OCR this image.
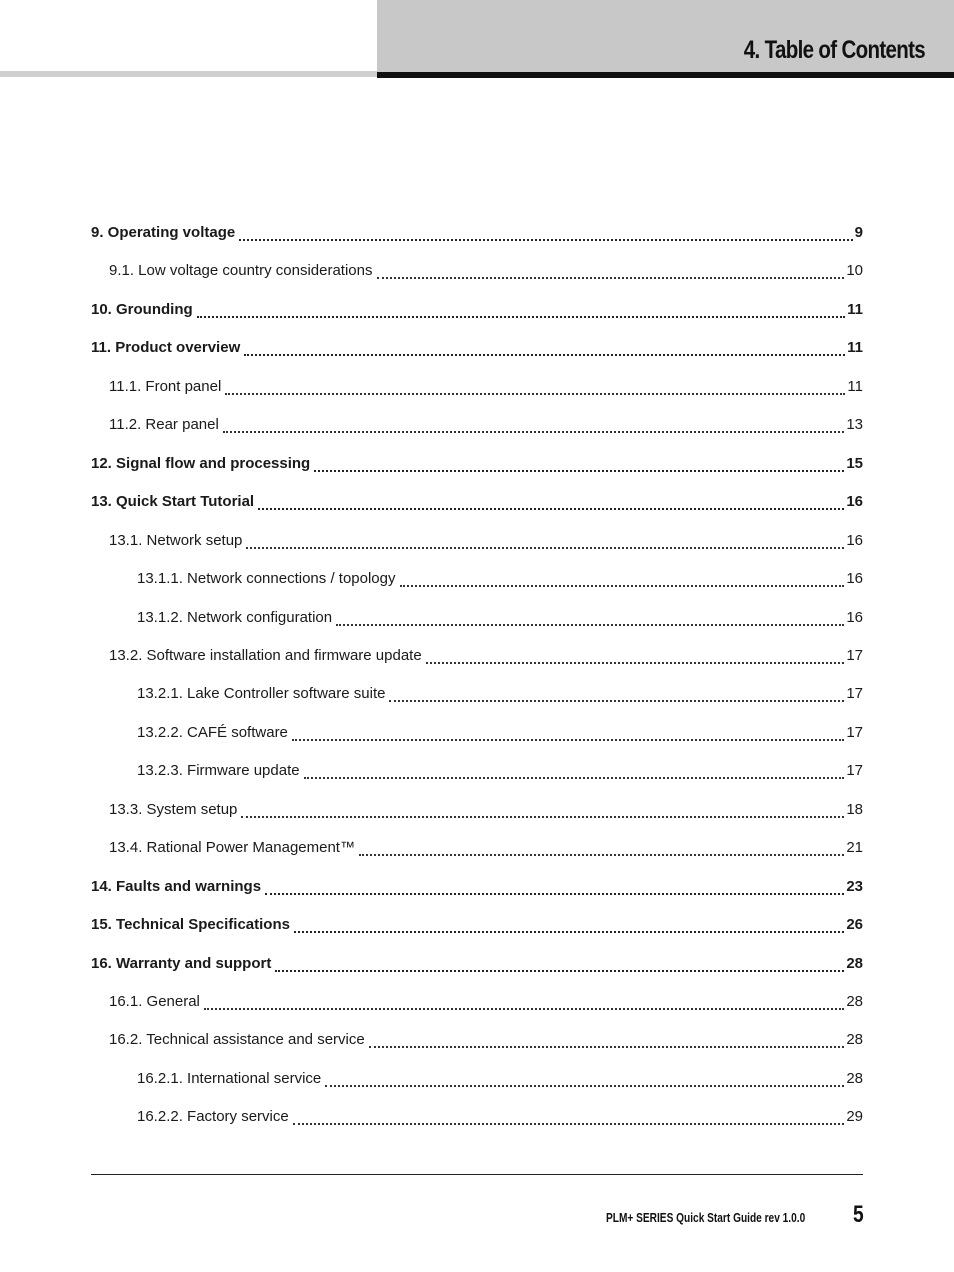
4. Table of Contents
9. Operating voltage	9
9.1. Low voltage country considerations	10
10. Grounding	11
11. Product overview	11
11.1. Front panel	11
11.2. Rear panel	13
12. Signal flow and processing	15
13. Quick Start Tutorial	16
13.1. Network setup	16
13.1.1. Network connections / topology	16
13.1.2. Network configuration	16
13.2. Software installation and firmware update	17
13.2.1. Lake Controller software suite	17
13.2.2. CAFÉ software	17
13.2.3. Firmware update	17
13.3. System setup	18
13.4. Rational Power Management™	21
14. Faults and warnings	23
15. Technical Specifications	26
16. Warranty and support	28
16.1. General	28
16.2. Technical assistance and service	28
16.2.1. International service	28
16.2.2. Factory service	29
PLM+ SERIES Quick Start Guide rev 1.0.0 5
